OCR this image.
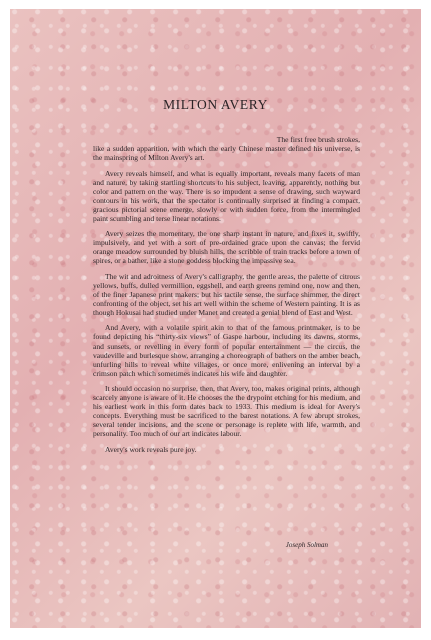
MILTON AVERY

The first free brush strokes,
like a sudden apparition, with which the early Chinese master defined his universe, is the mainspring of Milton Avery's art.

Avery reveals himself, and what is equally important, reveals many facets of man and nature, by taking startling shortcuts to his subject, leaving, apparently, nothing but color and pattern on the way. There is so impudent a sense of drawing, such wayward contours in his work, that the spectator is continually surprised at finding a compact, gracious pictorial scene emerge, slowly or with sudden force, from the intermingled paint scumbling and terse linear notations.

Avery seizes the momentary, the one sharp instant in nature, and fixes it, swiftly, impulsively, and yet with a sort of pre-ordained grace upon the canvas; the fervid orange meadow surrounded by bluish hills, the scribble of train tracks before a town of spires, or a bather, like a stone goddess blocking the impassive sea.

The wit and adroitness of Avery's calligraphy, the gentle areas, the palette of citrous yellows, buffs, dulled vermillion, eggshell, and earth greens remind one, now and then, of the finer Japanese print makers; but his tactile sense, the surface shimmer, the direct confronting of the object, set his art well within the scheme of Western painting. It is as though Hokusai had studied under Manet and created a genial blend of East and West.

And Avery, with a volatile spirit akin to that of the famous printmaker, is to be found depicting his “thirty-six views” of Gaspe harbour, including its dawns, storms, and sunsets, or revelling in every form of popular entertainment — the circus, the vaudeville and burlesque show, arranging a choreograph of bathers on the amber beach, unfurling hills to reveal white villages, or once more, enlivening an interval by a crimson patch which sometimes indicates his wife and daughter.

It should occasion no surprise, then, that Avery, too, makes original prints, although scarcely anyone is aware of it. He chooses the the drypoint etching for his medium, and his earliest work in this form dates back to 1933. This medium is ideal for Avery's concepts. Everything must be sacrificed to the barest notations. A few abrupt strokes, several tender incisions, and the scene or personage is replete with life, warmth, and personality. Too much of our art indicates labour.

Avery's work reveals pure joy.

Joseph Solman
